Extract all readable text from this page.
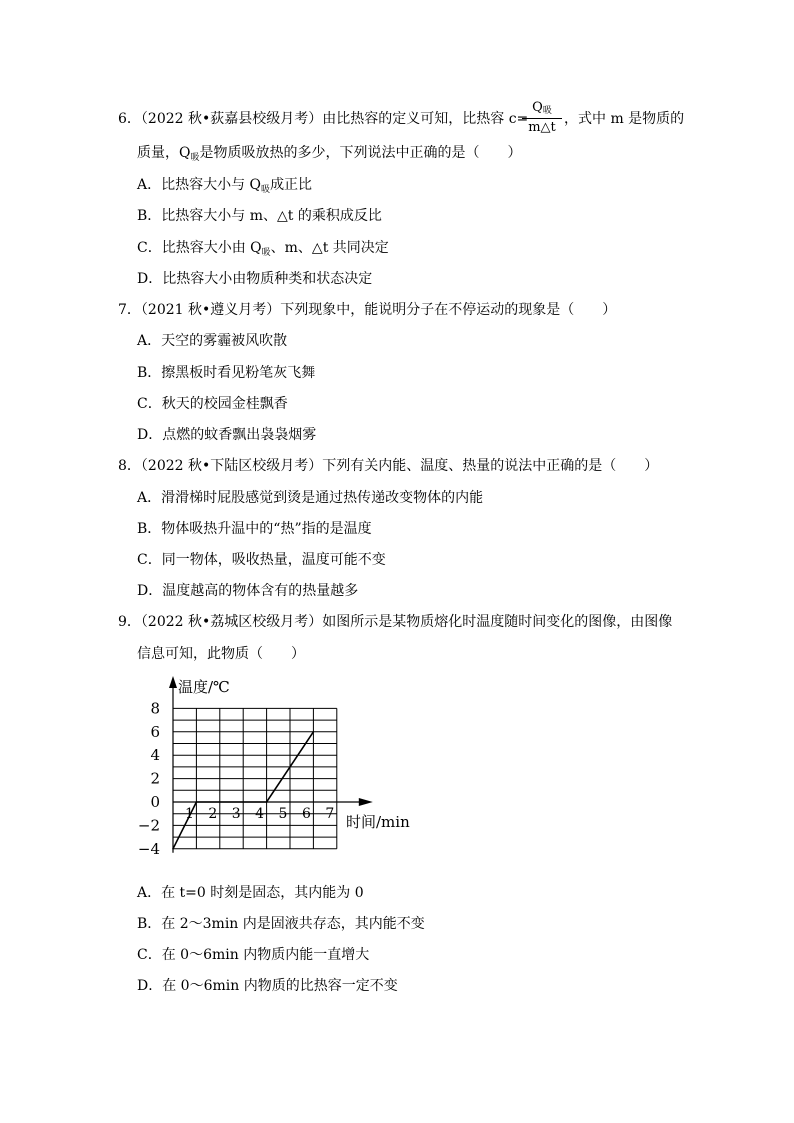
6．（2022 秋•荻嘉县校级月考）由比热容的定义可知，比热容 c=
Q吸
m△t
，式中 m 是物质的
质量，$Q_吸$是物质吸放热的多少，下列说法中正确的是（　　）
A．比热容大小与 $Q_吸$成正比
B．比热容大小与 m、△t 的乘积成反比
C．比热容大小由 $Q_吸$、m、△t 共同决定
D．比热容大小由物质种类和状态决定
7．（2021 秋•遵义月考）下列现象中，能说明分子在不停运动的现象是（　　）
A．天空的雾霾被风吹散
B．擦黑板时看见粉笔灰飞舞
C．秋天的校园金桂飘香
D．点燃的蚊香飘出袅袅烟雾
8．（2022 秋•下陆区校级月考）下列有关内能、温度、热量的说法中正确的是（　　）
A．滑滑梯时屁股感觉到烫是通过热传递改变物体的内能
B．物体吸热升温中的“热”指的是温度
C．同一物体，吸收热量，温度可能不变
D．温度越高的物体含有的热量越多
9．（2022 秋•荔城区校级月考）如图所示是某物质熔化时温度随时间变化的图像，由图像
信息可知，此物质（　　）
8
6
4
2
0
−2
−4
1 2 3 4 5 6 7
温度/℃
时间/min
A．在 t=0 时刻是固态，其内能为 0
B．在 2～3min 内是固液共存态，其内能不变
C．在 0～6min 内物质内能一直增大
D．在 0～6min 内物质的比热容一定不变
